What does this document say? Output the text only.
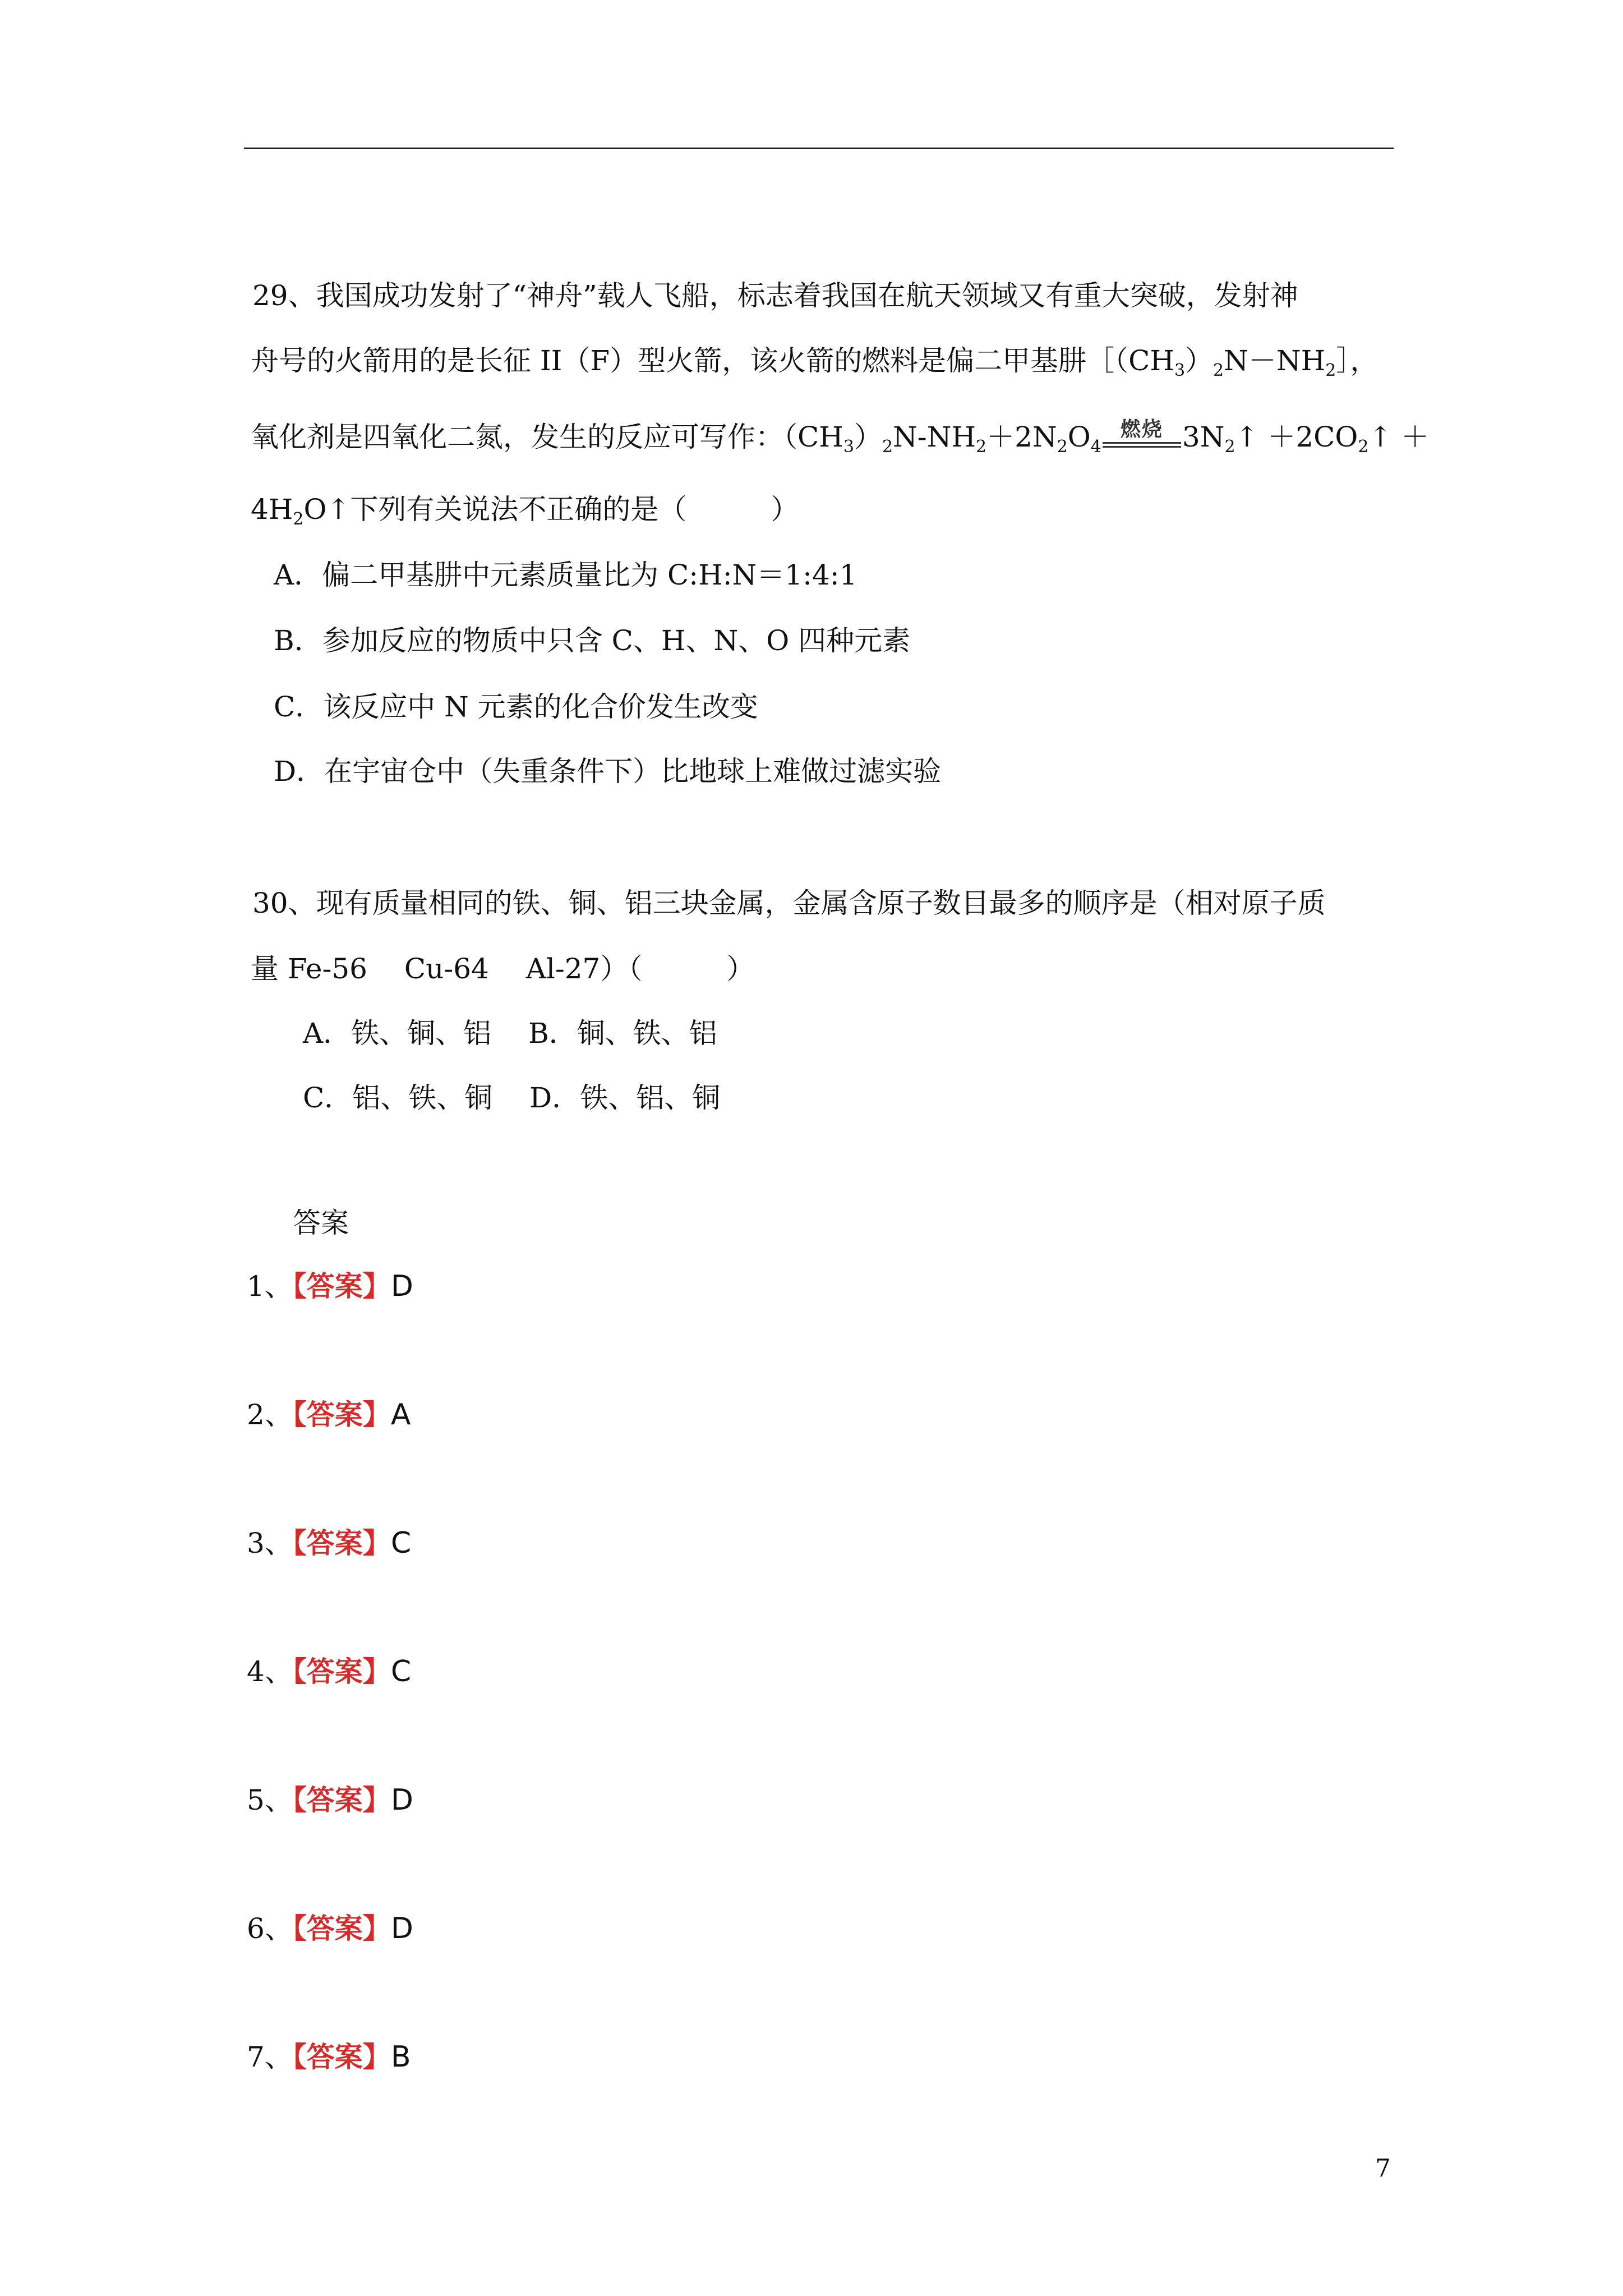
29、我国成功发射了“神舟”载人飞船，标志着我国在航天领域又有重大突破，发射神
舟号的火箭用的是长征 II（F）型火箭，该火箭的燃料是偏二甲基肼$[(CH_3)_2N-NH_2]$，
氧化剂是四氧化二氮，发生的反应可写作：$(CH_3)_2N-NH_2+2N_2O_4$
燃烧 $3N_2↑$ $+2CO_2↑$ ＋
$4H_2O↑$下列有关说法不正确的是（　　　）
A．偏二甲基肼中元素质量比为 C:H:N＝1:4:1
B．参加反应的物质中只含 C、H、N、O 四种元素
C．该反应中 N 元素的化合价发生改变
D．在宇宙仓中（失重条件下）比地球上难做过滤实验
30、现有质量相同的铁、铜、铝三块金属，金属含原子数目最多的顺序是（相对原子质
量 Fe-56　 Cu-64　 Al-27）（　　　）
A．铁、铜、铝　 B．铜、铁、铝
C．铝、铁、铜　 D．铁、铝、铜
答案
1、【答案】D
2、【答案】A
3、【答案】C
4、【答案】C
5、【答案】D
6、【答案】D
7、【答案】B
7
